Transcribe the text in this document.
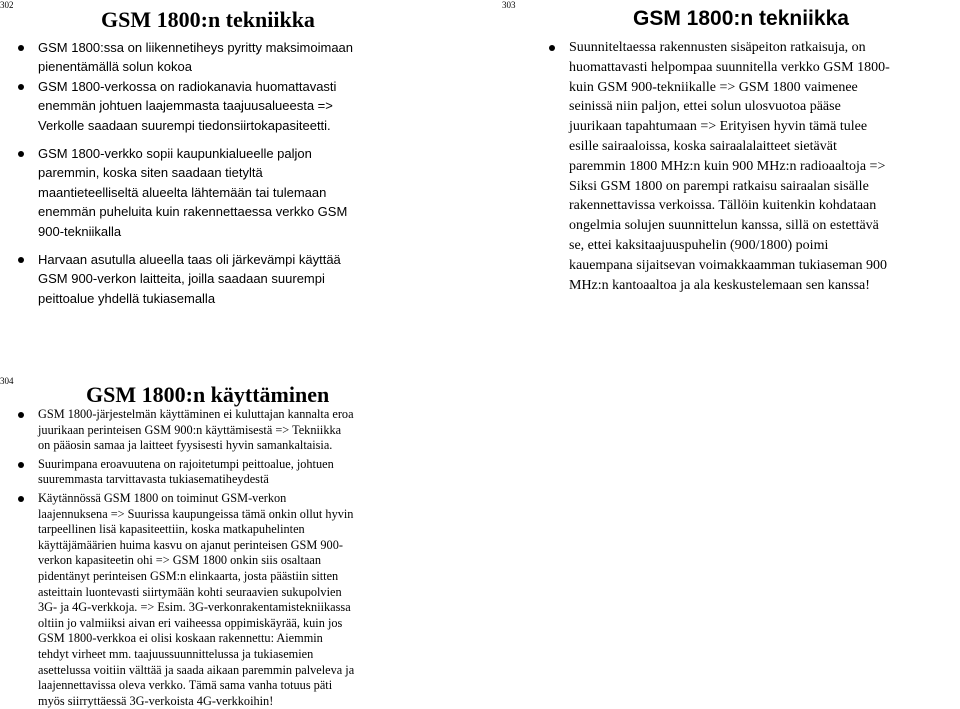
302
GSM 1800:n tekniikka
GSM 1800:ssa on liikennetiheys pyritty maksimoimaan
pienentämällä solun kokoa
GSM 1800-verkossa on radiokanavia huomattavasti
enemmän johtuen laajemmasta taajuusalueesta =>
Verkolle saadaan suurempi tiedonsiirtokapasiteetti.
GSM 1800-verkko sopii kaupunkialueelle paljon
paremmin, koska siten saadaan tietyltä
maantieteelliseltä alueelta lähtemään tai tulemaan
enemmän puheluita kuin rakennettaessa verkko GSM
900-tekniikalla
Harvaan asutulla alueella taas oli järkevämpi käyttää
GSM 900-verkon laitteita, joilla saadaan suurempi
peittoalue yhdellä tukiasemalla
303
GSM 1800:n tekniikka
Suunniteltaessa rakennusten sisäpeiton ratkaisuja, on
huomattavasti helpompaa suunnitella verkko GSM 1800-
kuin GSM 900-tekniikalle => GSM 1800 vaimenee
seinissä niin paljon, ettei solun ulosvuotoa pääse
juurikaan tapahtumaan => Erityisen hyvin tämä tulee
esille sairaaloissa, koska sairaalalaitteet sietävät
paremmin 1800 MHz:n kuin 900 MHz:n radioaaltoja =>
Siksi GSM 1800 on parempi ratkaisu sairaalan sisälle
rakennettavissa verkoissa. Tällöin kuitenkin kohdataan
ongelmia solujen suunnittelun kanssa, sillä on estettävä
se, ettei kaksitaajuuspuhelin (900/1800) poimi
kauempana sijaitsevan voimakkaamman tukiaseman 900
MHz:n kantoaaltoa ja ala keskustelemaan sen kanssa!
304
GSM 1800:n käyttäminen
GSM 1800-järjestelmän käyttäminen ei kuluttajan kannalta eroa
juurikaan perinteisen GSM 900:n käyttämisestä => Tekniikka
on pääosin samaa ja laitteet fyysisesti hyvin samankaltaisia.
Suurimpana eroavuutena on rajoitetumpi peittoalue, johtuen
suuremmasta tarvittavasta tukiasematiheydestä
Käytännössä GSM 1800 on toiminut GSM-verkon
laajennuksena => Suurissa kaupungeissa tämä onkin ollut hyvin
tarpeellinen lisä kapasiteettiin, koska matkapuhelinten
käyttäjämäärien huima kasvu on ajanut perinteisen GSM 900-
verkon kapasiteetin ohi => GSM 1800 onkin siis osaltaan
pidentänyt perinteisen GSM:n elinkaarta, josta päästiin sitten
asteittain luontevasti siirtymään kohti seuraavien sukupolvien
3G- ja 4G-verkkoja. => Esim. 3G-verkonrakentamistekniikassa
oltiin jo valmiiksi aivan eri vaiheessa oppimiskäyrää, kuin jos
GSM 1800-verkkoa ei olisi koskaan rakennettu: Aiemmin
tehdyt virheet mm. taajuussuunnittelussa ja tukiasemien
asettelussa voitiin välttää ja saada aikaan paremmin palveleva ja
laajennettavissa oleva verkko. Tämä sama vanha totuus päti
myös siirryttäessä 3G-verkoista 4G-verkkoihin!
